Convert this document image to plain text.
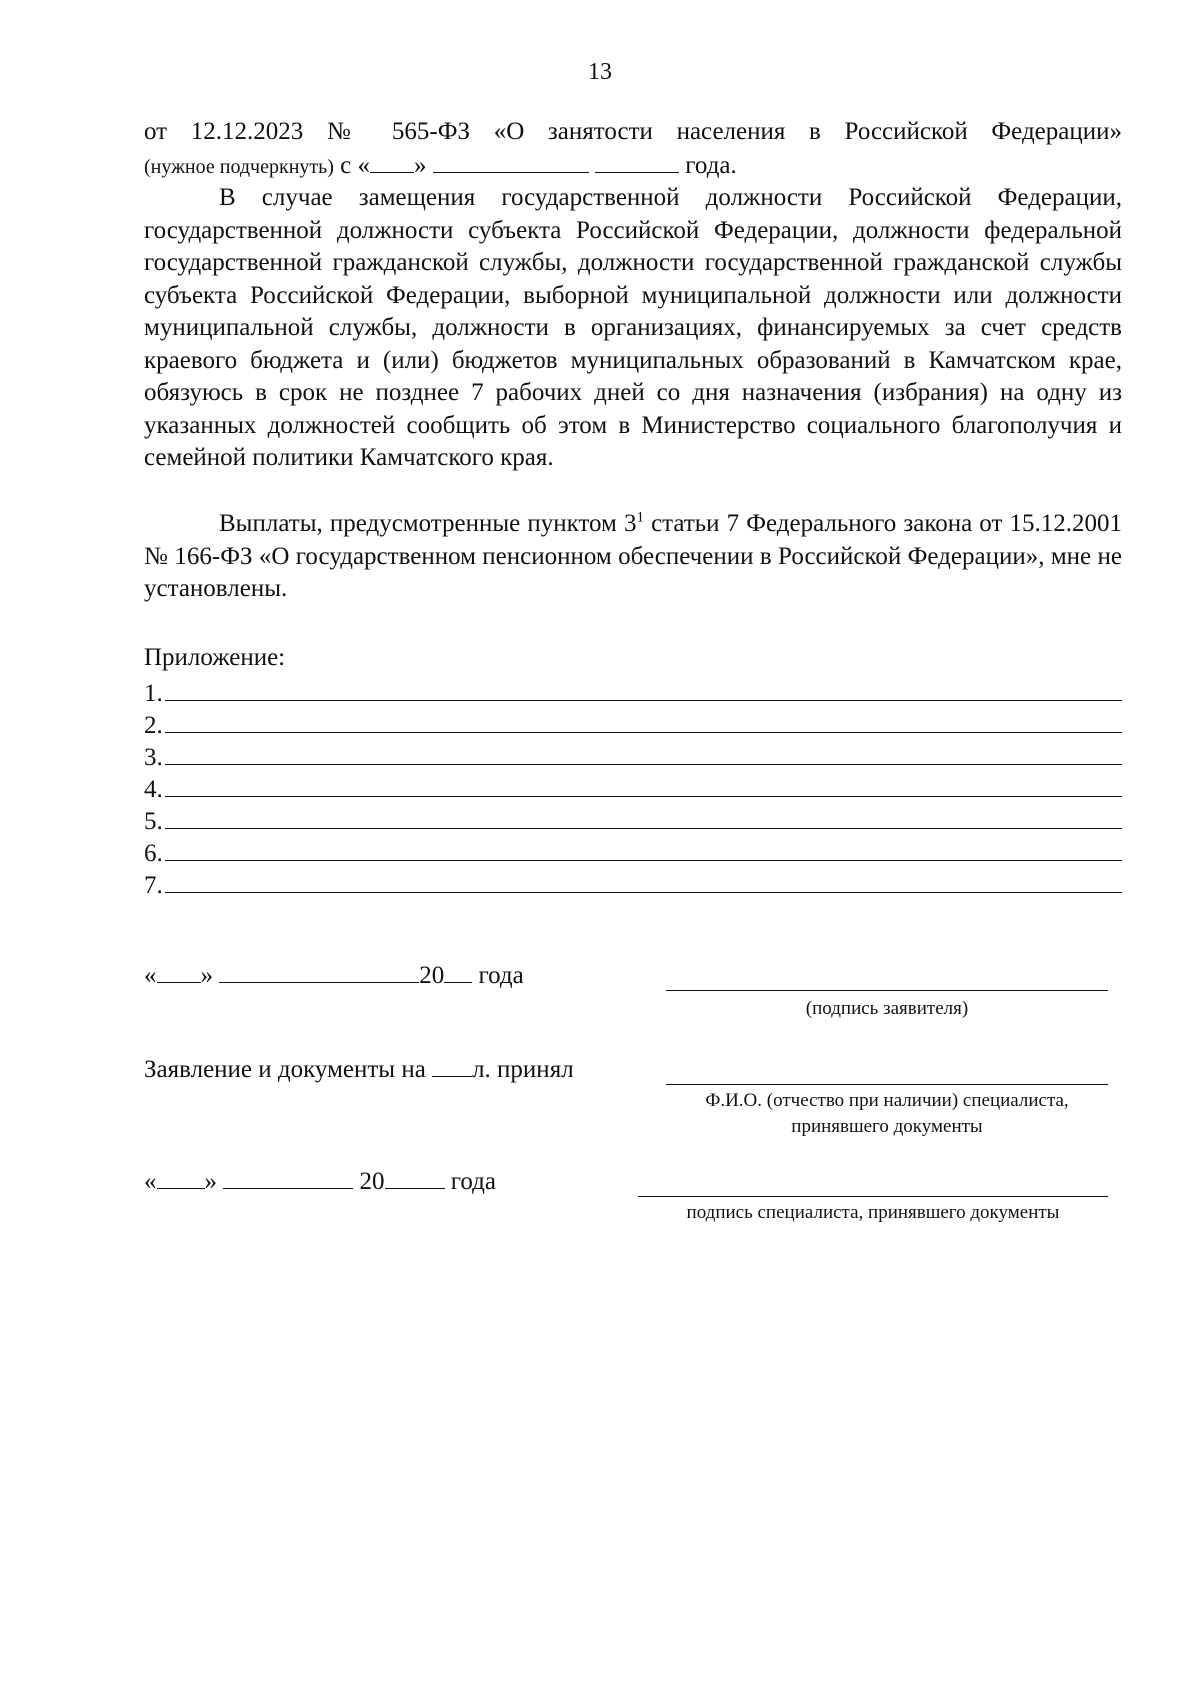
13
от 12.12.2023 № 565-ФЗ «О занятости населения в Российской Федерации»
(нужное подчеркнуть) с « »	года.
В случае замещения государственной должности Российской Федерации, государственной должности субъекта Российской Федерации, должности федеральной государственной гражданской службы, должности государственной гражданской службы субъекта Российской Федерации, выборной муниципальной должности или должности муниципальной службы, должности в организациях, финансируемых за счет средств краевого бюджета и (или) бюджетов муниципальных образований в Камчатском крае, обязуюсь в срок не позднее 7 рабочих дней со дня назначения (избрания) на одну из указанных должностей сообщить об этом в Министерство социального благополучия и семейной политики Камчатского края.
Выплаты, предусмотренные пунктом $3^1$ статьи 7 Федерального закона от 15.12.2001 № 166-ФЗ «О государственном пенсионном обеспечении в Российской Федерации», мне не установлены.
Приложение:
1.
2.
3.
4.
5.
6.
7.
« »	20 года
(подпись заявителя)
Заявление и документы на л. принял
Ф.И.О. (отчество при наличии) специалиста,
принявшего документы
« »	20	года
подпись специалиста, принявшего документы
